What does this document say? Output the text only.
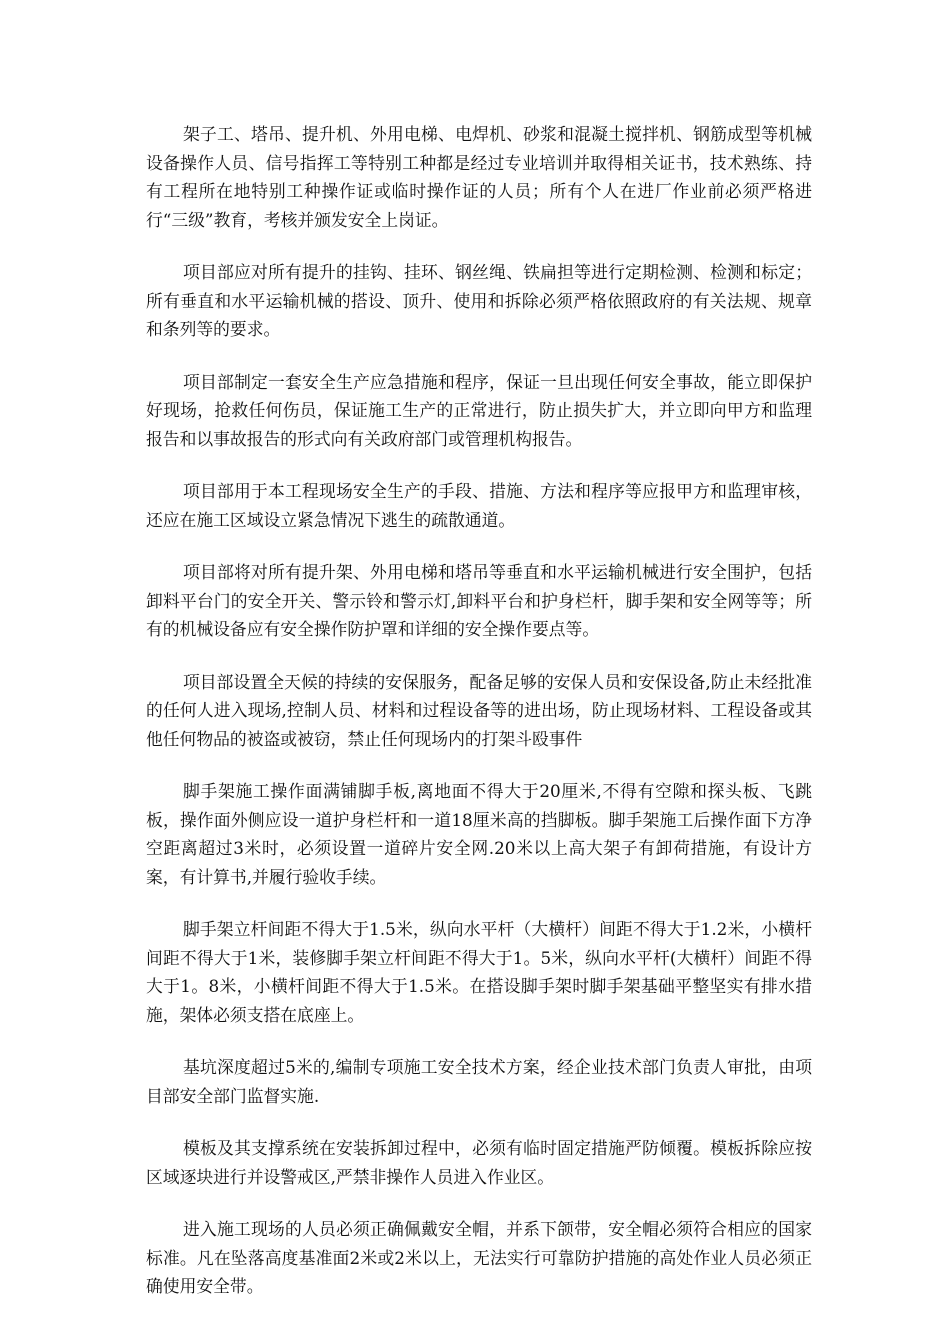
架子工、塔吊、提升机、外用电梯、电焊机、砂浆和混凝土搅拌机、钢筋成型等机械设备操作人员、信号指挥工等特别工种都是经过专业培训并取得相关证书，技术熟练、持有工程所在地特别工种操作证或临时操作证的人员；所有个人在进厂作业前必须严格进行“三级”教育，考核并颁发安全上岗证。

项目部应对所有提升的挂钩、挂环、钢丝绳、铁扁担等进行定期检测、检测和标定；所有垂直和水平运输机械的搭设、顶升、使用和拆除必须严格依照政府的有关法规、规章和条列等的要求。

项目部制定一套安全生产应急措施和程序，保证一旦出现任何安全事故，能立即保护好现场，抢救任何伤员，保证施工生产的正常进行，防止损失扩大，并立即向甲方和监理报告和以事故报告的形式向有关政府部门或管理机构报告。

项目部用于本工程现场安全生产的手段、措施、方法和程序等应报甲方和监理审核，还应在施工区域设立紧急情况下逃生的疏散通道。

项目部将对所有提升架、外用电梯和塔吊等垂直和水平运输机械进行安全围护，包括卸料平台门的安全开关、警示铃和警示灯,卸料平台和护身栏杆，脚手架和安全网等等；所有的机械设备应有安全操作防护罩和详细的安全操作要点等。

项目部设置全天候的持续的安保服务，配备足够的安保人员和安保设备,防止未经批准的任何人进入现场,控制人员、材料和过程设备等的进出场，防止现场材料、工程设备或其他任何物品的被盗或被窃，禁止任何现场内的打架斗殴事件

脚手架施工操作面满铺脚手板,离地面不得大于20厘米,不得有空隙和探头板、飞跳板，操作面外侧应设一道护身栏杆和一道18厘米高的挡脚板。脚手架施工后操作面下方净空距离超过3米时，必须设置一道碎片安全网.20米以上高大架子有卸荷措施，有设计方案，有计算书,并履行验收手续。

脚手架立杆间距不得大于1.5米，纵向水平杆（大横杆）间距不得大于1.2米，小横杆间距不得大于1米，装修脚手架立杆间距不得大于1。5米，纵向水平杆(大横杆）间距不得大于1。8米，小横杆间距不得大于1.5米。在搭设脚手架时脚手架基础平整坚实有排水措施，架体必须支搭在底座上。

基坑深度超过5米的,编制专项施工安全技术方案，经企业技术部门负责人审批，由项目部安全部门监督实施.

模板及其支撑系统在安装拆卸过程中，必须有临时固定措施严防倾覆。模板拆除应按区域逐块进行并设警戒区,严禁非操作人员进入作业区。

进入施工现场的人员必须正确佩戴安全帽，并系下颌带，安全帽必须符合相应的国家标准。凡在坠落高度基准面2米或2米以上，无法实行可靠防护措施的高处作业人员必须正确使用安全带。
